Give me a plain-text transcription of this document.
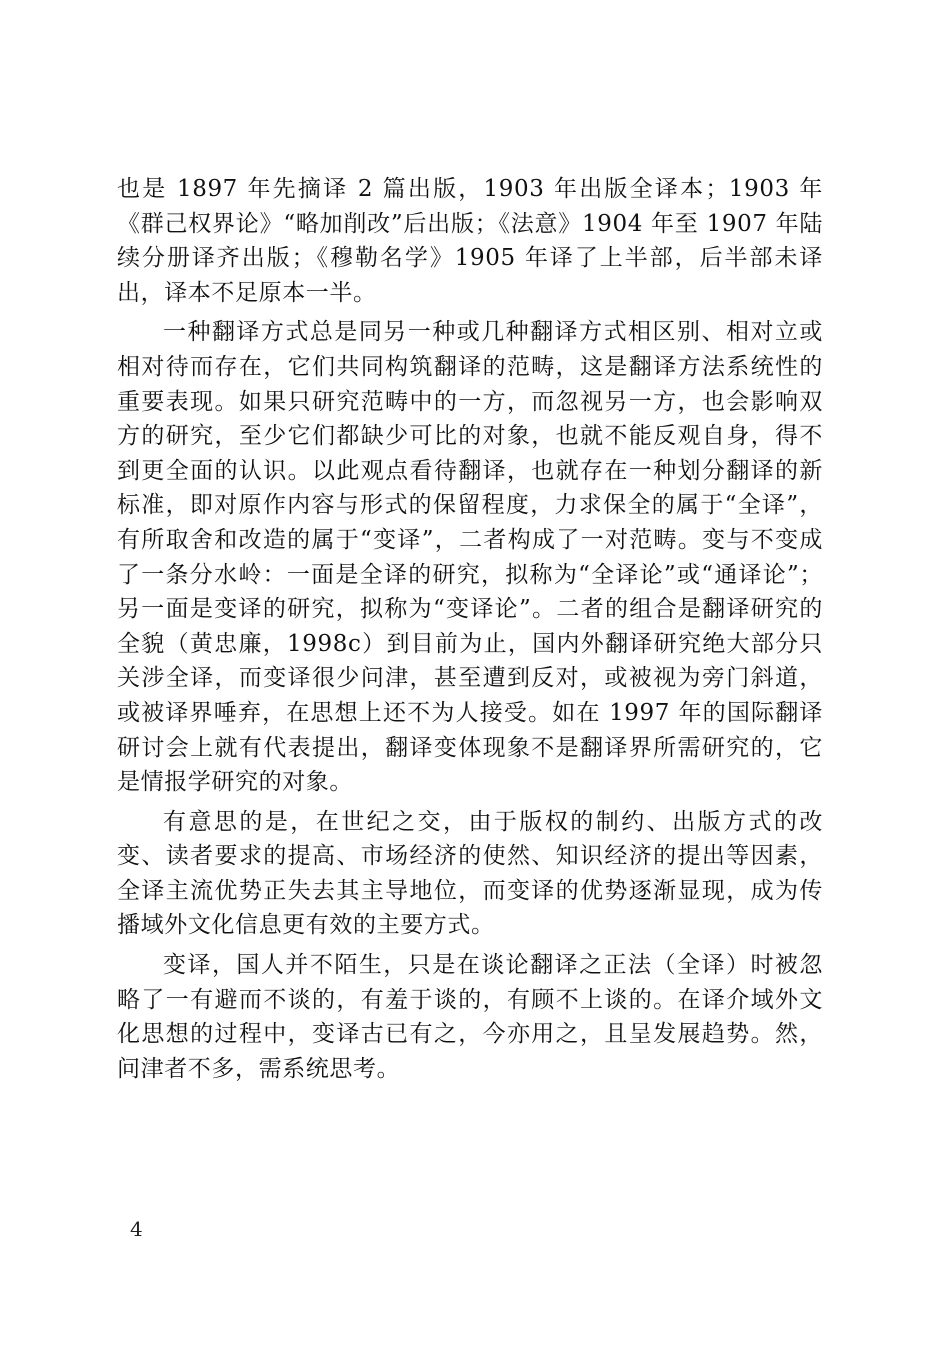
也是 1897 年先摘译 2 篇出版，1903 年出版全译本；1903 年《群己权界论》“略加削改”后出版；《法意》1904 年至 1907 年陆续分册译齐出版；《穆勒名学》1905 年译了上半部，后半部未译出，译本不足原本一半。

一种翻译方式总是同另一种或几种翻译方式相区别、相对立或相对待而存在，它们共同构筑翻译的范畴，这是翻译方法系统性的重要表现。如果只研究范畴中的一方，而忽视另一方，也会影响双方的研究，至少它们都缺少可比的对象，也就不能反观自身，得不到更全面的认识。以此观点看待翻译，也就存在一种划分翻译的新标准，即对原作内容与形式的保留程度，力求保全的属于“全译”，有所取舍和改造的属于“变译”，二者构成了一对范畴。变与不变成了一条分水岭：一面是全译的研究，拟称为“全译论”或“通译论”；另一面是变译的研究，拟称为“变译论”。二者的组合是翻译研究的全貌（黄忠廉，1998c）到目前为止，国内外翻译研究绝大部分只关涉全译，而变译很少问津，甚至遭到反对，或被视为旁门斜道，或被译界唾弃，在思想上还不为人接受。如在 1997 年的国际翻译研讨会上就有代表提出，翻译变体现象不是翻译界所需研究的，它是情报学研究的对象。

有意思的是，在世纪之交，由于版权的制约、出版方式的改变、读者要求的提高、市场经济的使然、知识经济的提出等因素，全译主流优势正失去其主导地位，而变译的优势逐渐显现，成为传播域外文化信息更有效的主要方式。

变译，国人并不陌生，只是在谈论翻译之正法（全译）时被忽略了一有避而不谈的，有羞于谈的，有顾不上谈的。在译介域外文化思想的过程中，变译古已有之，今亦用之，且呈发展趋势。然，问津者不多，需系统思考。

4
